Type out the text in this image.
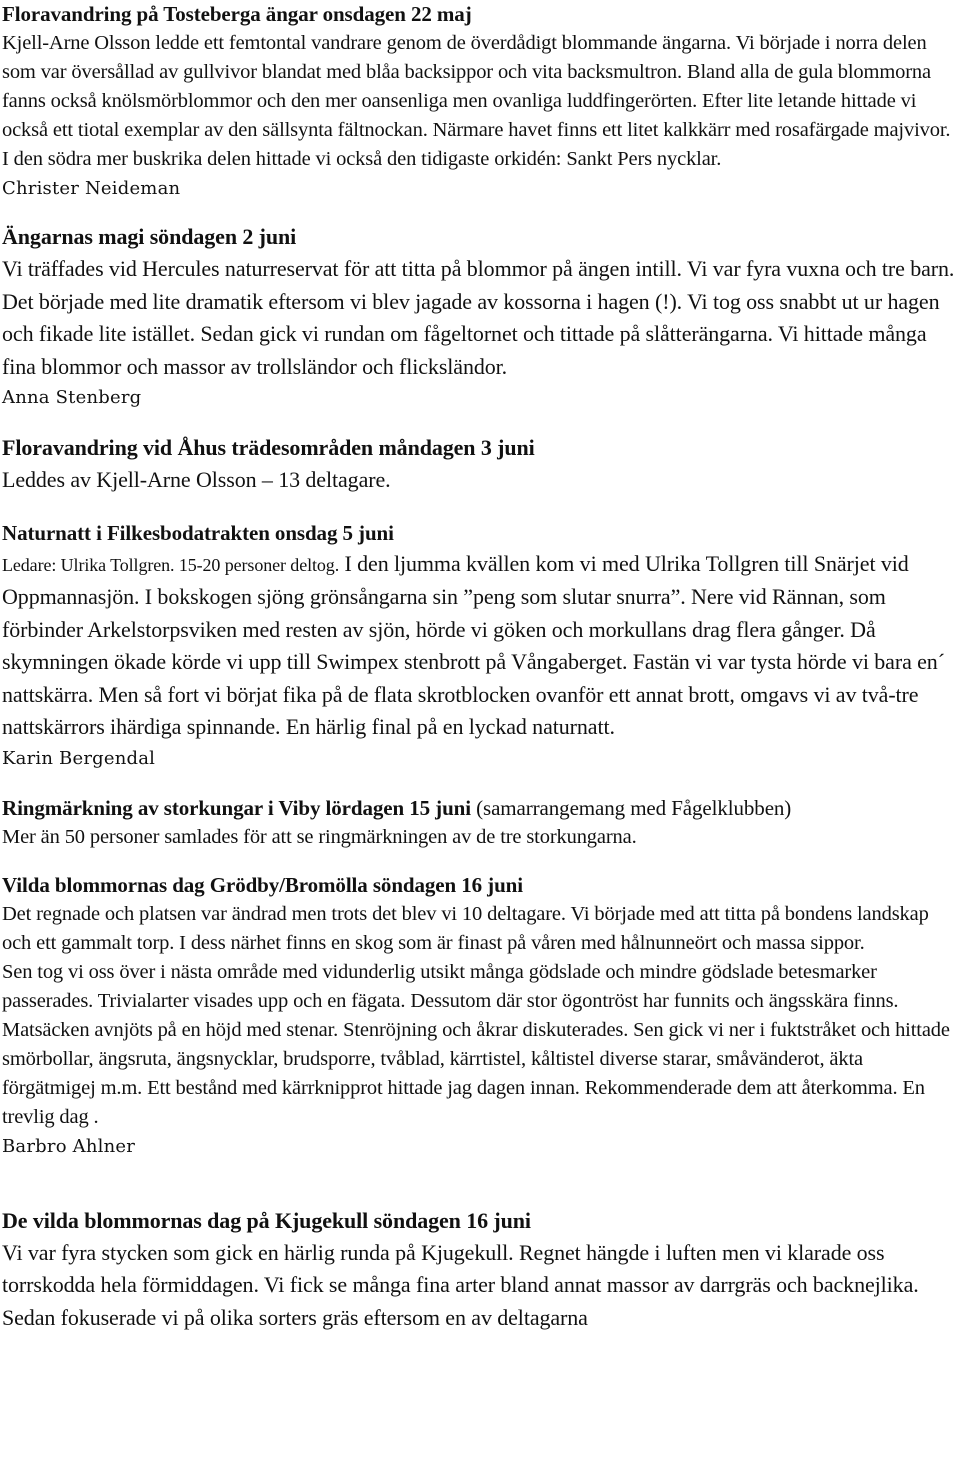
Floravandring på Tosteberga ängar onsdagen 22 maj

Kjell-Arne Olsson ledde ett femtontal vandrare genom de överdådigt blommande ängarna. Vi började i norra delen som var översållad av gullvivor blandat med blåa backsippor och vita backsmultron. Bland alla de gula blommorna fanns också knölsmörblommor och den mer oansenliga men ovanliga luddfingerörten. Efter lite letande hittade vi också ett tiotal exemplar av den sällsynta fältnockan. Närmare havet finns ett litet kalkkärr med rosafärgade majvivor. I den södra mer buskrika delen hittade vi också den tidigaste orkidén: Sankt Pers nycklar.

Christer Neideman

Ängarnas magi söndagen 2 juni

Vi träffades vid Hercules naturreservat för att titta på blommor på ängen intill. Vi var fyra vuxna och tre barn. Det började med lite dramatik eftersom vi blev jagade av kossorna i hagen (!). Vi tog oss snabbt ut ur hagen och fikade lite istället. Sedan gick vi rundan om fågeltornet och tittade på slåtterängarna. Vi hittade många fina blommor och massor av trollsländor och flicksländor.

Anna Stenberg

Floravandring vid Åhus trädesområden måndagen 3 juni

Leddes av Kjell-Arne Olsson – 13 deltagare.

Naturnatt i Filkesbodatrakten onsdag 5 juni

Ledare: Ulrika Tollgren. 15-20 personer deltog. I den ljumma kvällen kom vi med Ulrika Tollgren till Snärjet vid Oppmannasjön. I bokskogen sjöng grönsångarna sin ”peng som slutar snurra”. Nere vid Rännan, som förbinder Arkelstorpsviken med resten av sjön, hörde vi göken och morkullans drag flera gånger. Då skymningen ökade körde vi upp till Swimpex stenbrott på Vångaberget. Fastän vi var tysta hörde vi bara en´ nattskärra. Men så fort vi börjat fika på de flata skrotblocken ovanför ett annat brott, omgavs vi av två-tre nattskärrors ihärdiga spinnande. En härlig final på en lyckad naturnatt.

Karin Bergendal

Ringmärkning av storkungar i Viby lördagen 15 juni (samarrangemang med Fågelklubben)

Mer än 50 personer samlades för att se ringmärkningen av de tre storkungarna.

Vilda blommornas dag Grödby/Bromölla söndagen 16 juni

Det regnade och platsen var ändrad men trots det blev vi 10 deltagare. Vi började med att titta på bondens landskap och ett gammalt torp. I dess närhet finns en skog som är finast på våren med hålnunneört och massa sippor.

Sen tog vi oss över i nästa område med vidunderlig utsikt många gödslade och mindre gödslade betesmarker passerades. Trivialarter visades upp och en fägata. Dessutom där stor ögontröst har funnits och ängsskära finns. Matsäcken avnjöts på en höjd med stenar. Stenröjning och åkrar diskuterades. Sen gick vi ner i fuktstråket och hittade smörbollar, ängsruta, ängsnycklar, brudsporre, tvåblad, kärrtistel, kåltistel diverse starar, småvänderot, äkta förgätmigej m.m. Ett bestånd med kärrknipprot hittade jag dagen innan. Rekommenderade dem att återkomma. En trevlig dag .

Barbro Ahlner

De vilda blommornas dag på Kjugekull söndagen 16 juni

Vi var fyra stycken som gick en härlig runda på Kjugekull. Regnet hängde i luften men vi klarade oss torrskodda hela förmiddagen. Vi fick se många fina arter bland annat massor av darrgräs och backnejlika. Sedan fokuserade vi på olika sorters gräs eftersom en av deltagarna
